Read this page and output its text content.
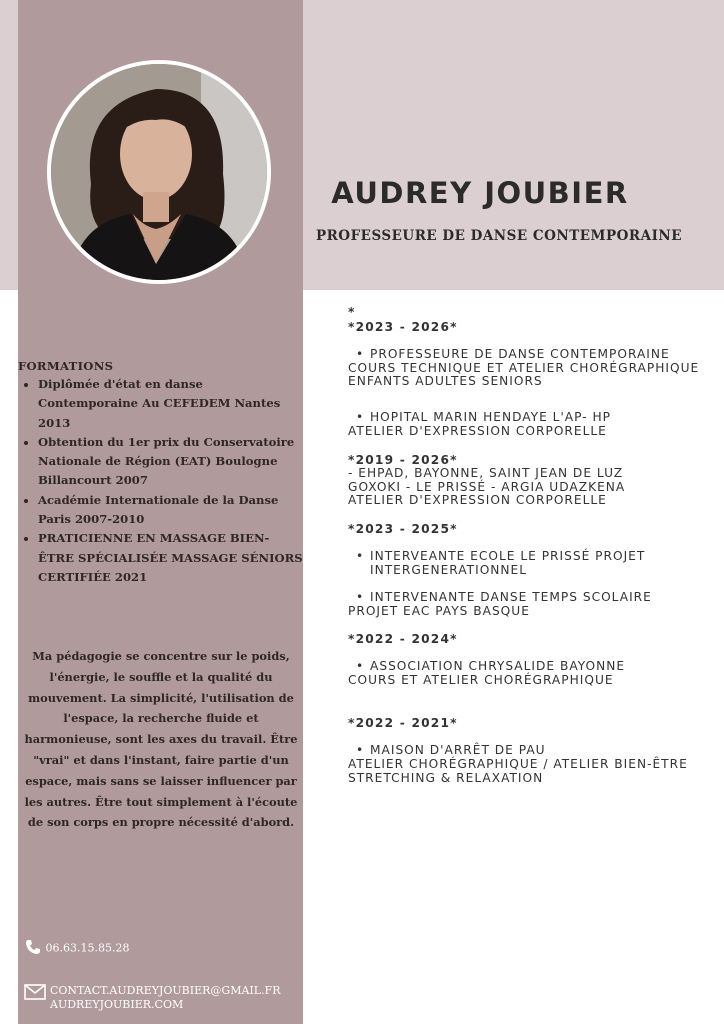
AUDREY JOUBIER
PROFESSEURE DE DANSE CONTEMPORAINE
FORMATIONS
• Diplômée d'état en danse Contemporaine Au CEFEDEM Nantes 2013
• Obtention du 1er prix du Conservatoire Nationale de Région (EAT) Boulogne Billancourt 2007
• Académie Internationale de la Danse Paris 2007-2010
• PRATICIENNE EN MASSAGE BIEN-ÊTRE SPÉCIALISÉE MASSAGE SÉNIORS CERTIFIÉE 2021

Ma pédagogie se concentre sur le poids, l'énergie, le souffle et la qualité du mouvement. La simplicité, l'utilisation de l'espace, la recherche fluide et harmonieuse, sont les axes du travail. Être "vrai" et dans l'instant, faire partie d'un espace, mais sans se laisser influencer par les autres. Être tout simplement à l'écoute de son corps en propre nécessité d'abord.

06.63.15.85.28
CONTACT.AUDREYJOUBIER@GMAIL.FR
AUDREYJOUBIER.COM
*

*2023 - 2026*

• PROFESSEURE DE DANSE CONTEMPORAINE

COURS TECHNIQUE ET ATELIER CHORÉGRAPHIQUE

ENFANTS ADULTES SENIORS

• HOPITAL MARIN HENDAYE L'AP- HP

ATELIER D'EXPRESSION CORPORELLE

*2019 - 2026*

- EHPAD, BAYONNE, SAINT JEAN DE LUZ

GOXOKI - LE PRISSÉ - ARGIA UDAZKENA

ATELIER D'EXPRESSION CORPORELLE

*2023 - 2025*

• INTERVEANTE ECOLE LE PRISSÉ PROJET INTERGENERATIONNEL

• INTERVENANTE DANSE TEMPS SCOLAIRE

PROJET EAC PAYS BASQUE

*2022 - 2024*

• ASSOCIATION CHRYSALIDE BAYONNE

COURS ET ATELIER CHORÉGRAPHIQUE

*2022 - 2021*

• MAISON D'ARRÊT DE PAU

ATELIER CHORÉGRAPHIQUE / ATELIER BIEN-ÊTRE STRETCHING & RELAXATION
